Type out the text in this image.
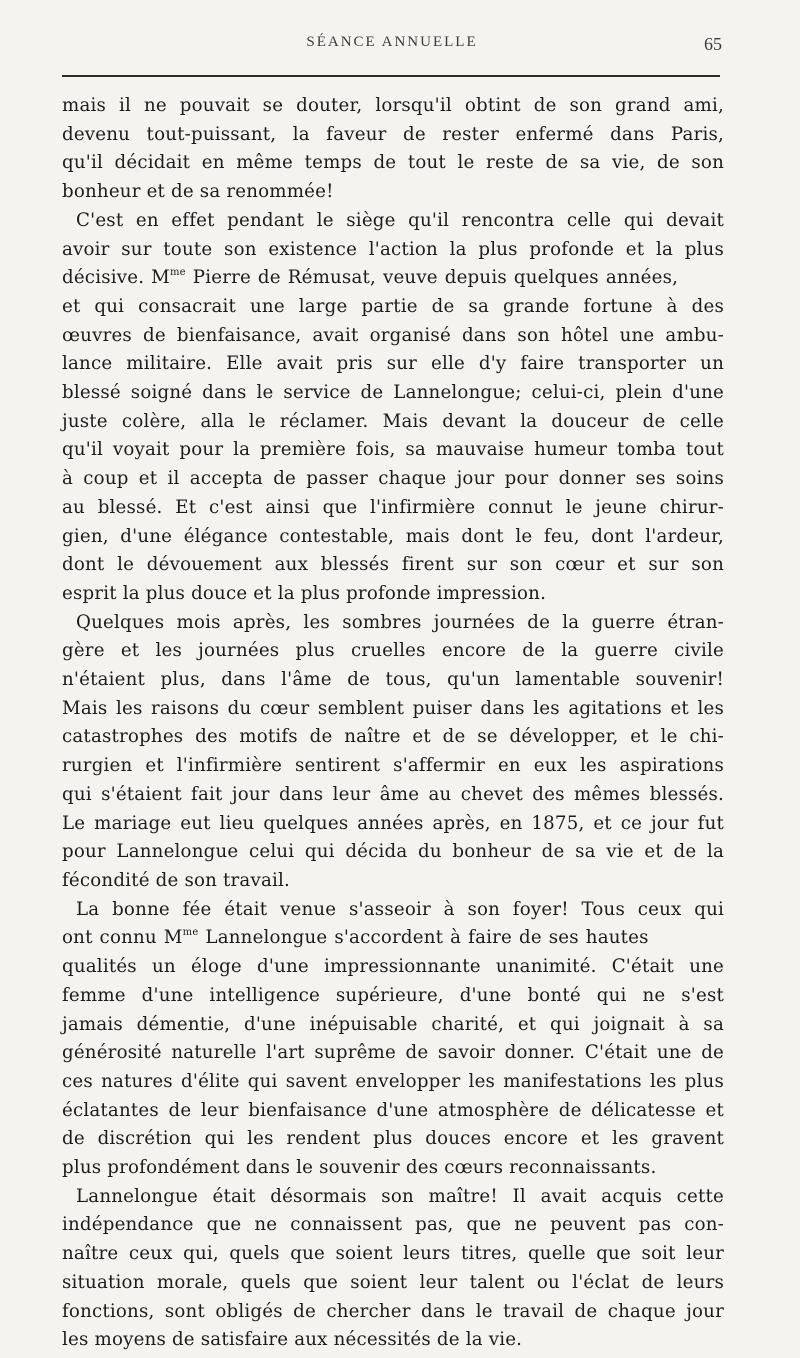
SÉANCE ANNUELLE	65

mais il ne pouvait se douter, lorsqu'il obtint de son grand ami,
devenu tout-puissant, la faveur de rester enfermé dans Paris,
qu'il décidait en même temps de tout le reste de sa vie, de son
bonheur et de sa renommée!

C'est en effet pendant le siège qu'il rencontra celle qui devait
avoir sur toute son existence l'action la plus profonde et la plus
décisive. $M^{me}$ Pierre de Rémusat, veuve depuis quelques années,
et qui consacrait une large partie de sa grande fortune à des
œuvres de bienfaisance, avait organisé dans son hôtel une ambu-
lance militaire. Elle avait pris sur elle d'y faire transporter un
blessé soigné dans le service de Lannelongue; celui-ci, plein d'une
juste colère, alla le réclamer. Mais devant la douceur de celle
qu'il voyait pour la première fois, sa mauvaise humeur tomba tout
à coup et il accepta de passer chaque jour pour donner ses soins
au blessé. Et c'est ainsi que l'infirmière connut le jeune chirur-
gien, d'une élégance contestable, mais dont le feu, dont l'ardeur,
dont le dévouement aux blessés firent sur son cœur et sur son
esprit la plus douce et la plus profonde impression.

Quelques mois après, les sombres journées de la guerre étran-
gère et les journées plus cruelles encore de la guerre civile
n'étaient plus, dans l'âme de tous, qu'un lamentable souvenir!
Mais les raisons du cœur semblent puiser dans les agitations et les
catastrophes des motifs de naître et de se développer, et le chi-
rurgien et l'infirmière sentirent s'affermir en eux les aspirations
qui s'étaient fait jour dans leur âme au chevet des mêmes blessés.
Le mariage eut lieu quelques années après, en 1875, et ce jour fut
pour Lannelongue celui qui décida du bonheur de sa vie et de la
fécondité de son travail.

La bonne fée était venue s'asseoir à son foyer! Tous ceux qui
ont connu $M^{me}$ Lannelongue s'accordent à faire de ses hautes
qualités un éloge d'une impressionnante unanimité. C'était une
femme d'une intelligence supérieure, d'une bonté qui ne s'est
jamais démentie, d'une inépuisable charité, et qui joignait à sa
générosité naturelle l'art suprême de savoir donner. C'était une de
ces natures d'élite qui savent envelopper les manifestations les plus
éclatantes de leur bienfaisance d'une atmosphère de délicatesse et
de discrétion qui les rendent plus douces encore et les gravent
plus profondément dans le souvenir des cœurs reconnaissants.

Lannelongue était désormais son maître! Il avait acquis cette
indépendance que ne connaissent pas, que ne peuvent pas con-
naître ceux qui, quels que soient leurs titres, quelle que soit leur
situation morale, quels que soient leur talent ou l'éclat de leurs
fonctions, sont obligés de chercher dans le travail de chaque jour
les moyens de satisfaire aux nécessités de la vie.
